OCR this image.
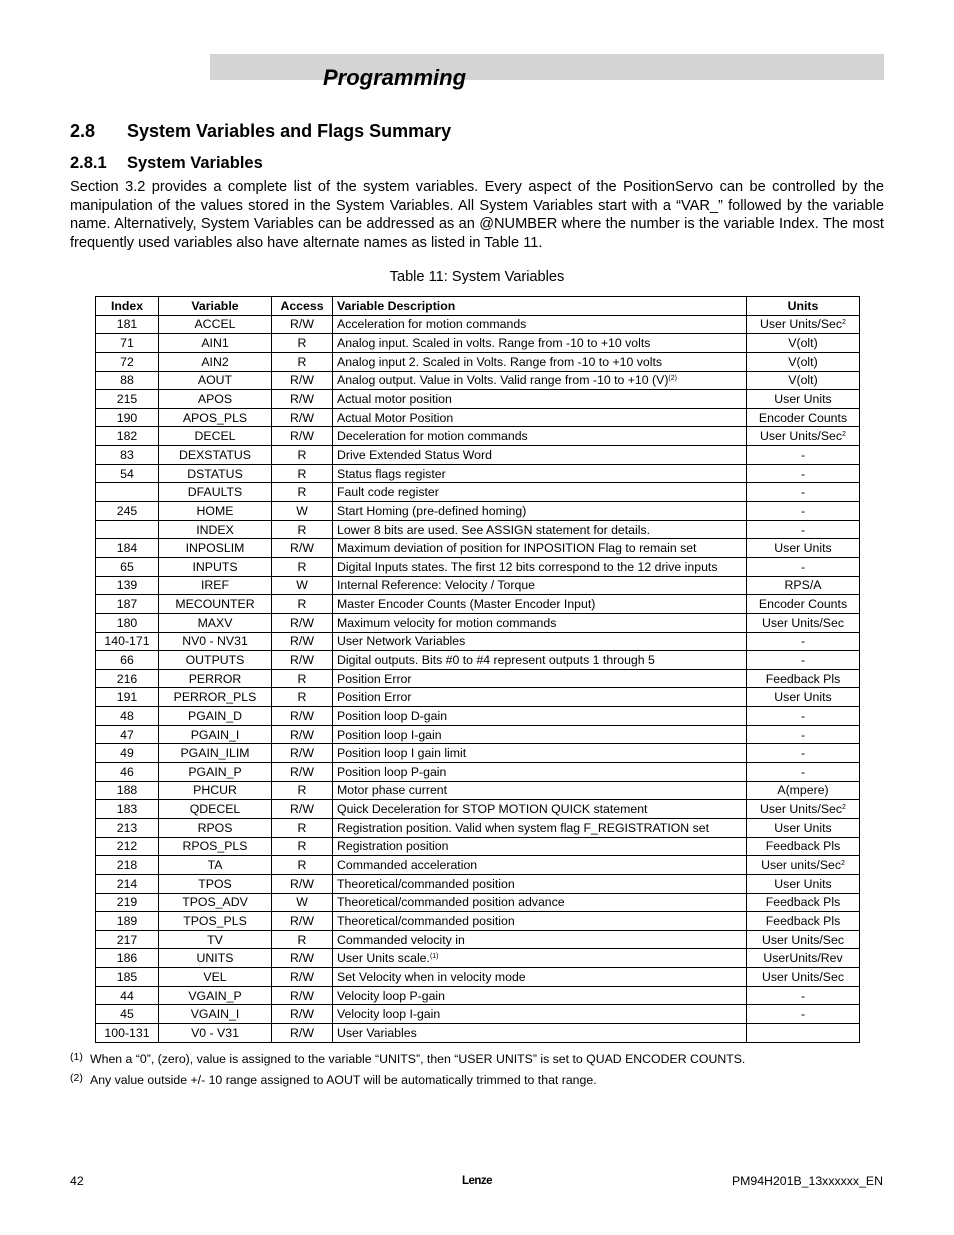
Programming
2.8 System Variables and Flags Summary
2.8.1 System Variables

Section 3.2 provides a complete list of the system variables. Every aspect of the PositionServo can be controlled by the manipulation of the values stored in the System Variables. All System Variables start with a “VAR_” followed by the variable name. Alternatively, System Variables can be addressed as an @NUMBER where the number is the variable Index. The most frequently used variables also have alternate names as listed in Table 11.

Table 11: System Variables
Index	Variable	Access	Variable Description	Units
181	ACCEL	R/W	Acceleration for motion commands	User Units/Sec$^2$
71	AIN1	R	Analog input. Scaled in volts. Range from -10 to +10 volts	V(olt)
72	AIN2	R	Analog input 2. Scaled in Volts. Range from -10 to +10 volts	V(olt)
88	AOUT	R/W	Analog output. Value in Volts. Valid range from -10 to +10 $(V)^{(2)}$	V(olt)
215	APOS	R/W	Actual motor position	User Units
190	APOS_PLS	R/W	Actual Motor Position	Encoder Counts
182	DECEL	R/W	Deceleration for motion commands	User Units/Sec$^2$
83	DEXSTATUS	R	Drive Extended Status Word	-
54	DSTATUS	R	Status flags register	-
	DFAULTS	R	Fault code register	-
245	HOME	W	Start Homing (pre-defined homing)	-
	INDEX	R	Lower 8 bits are used. See ASSIGN statement for details.	-
184	INPOSLIM	R/W	Maximum deviation of position for INPOSITION Flag to remain set	User Units
65	INPUTS	R	Digital Inputs states. The first 12 bits correspond to the 12 drive inputs	-
139	IREF	W	Internal Reference: Velocity / Torque	RPS/A
187	MECOUNTER	R	Master Encoder Counts (Master Encoder Input)	Encoder Counts
180	MAXV	R/W	Maximum velocity for motion commands	User Units/Sec
140-171	NV0 - NV31	R/W	User Network Variables	-
66	OUTPUTS	R/W	Digital outputs. Bits #0 to #4 represent outputs 1 through 5	-
216	PERROR	R	Position Error	Feedback Pls
191	PERROR_PLS	R	Position Error	User Units
48	PGAIN_D	R/W	Position loop D-gain	-
47	PGAIN_I	R/W	Position loop I-gain	-
49	PGAIN_ILIM	R/W	Position loop I gain limit	-
46	PGAIN_P	R/W	Position loop P-gain	-
188	PHCUR	R	Motor phase current	A(mpere)
183	QDECEL	R/W	Quick Deceleration for STOP MOTION QUICK statement	User Units/Sec$^2$
213	RPOS	R	Registration position. Valid when system flag F_REGISTRATION set	User Units
212	RPOS_PLS	R	Registration position	Feedback Pls
218	TA	R	Commanded acceleration	User units/Sec$^2$
214	TPOS	R/W	Theoretical/commanded position	User Units
219	TPOS_ADV	W	Theoretical/commanded position advance	Feedback Pls
189	TPOS_PLS	R/W	Theoretical/commanded position	Feedback Pls
217	TV	R	Commanded velocity in	User Units/Sec
186	UNITS	R/W	User Units scale.$^{(1)}$	UserUnits/Rev
185	VEL	R/W	Set Velocity when in velocity mode	User Units/Sec
44	VGAIN_P	R/W	Velocity loop P-gain	-
45	VGAIN_I	R/W	Velocity loop I-gain	-
100-131	V0 - V31	R/W	User Variables	
(1) When a “0”, (zero), value is assigned to the variable “UNITS”, then “USER UNITS” is set to QUAD ENCODER COUNTS.
(2) Any value outside +/- 10 range assigned to AOUT will be automatically trimmed to that range.
42	Lenze	PM94H201B_13xxxxxx_EN
